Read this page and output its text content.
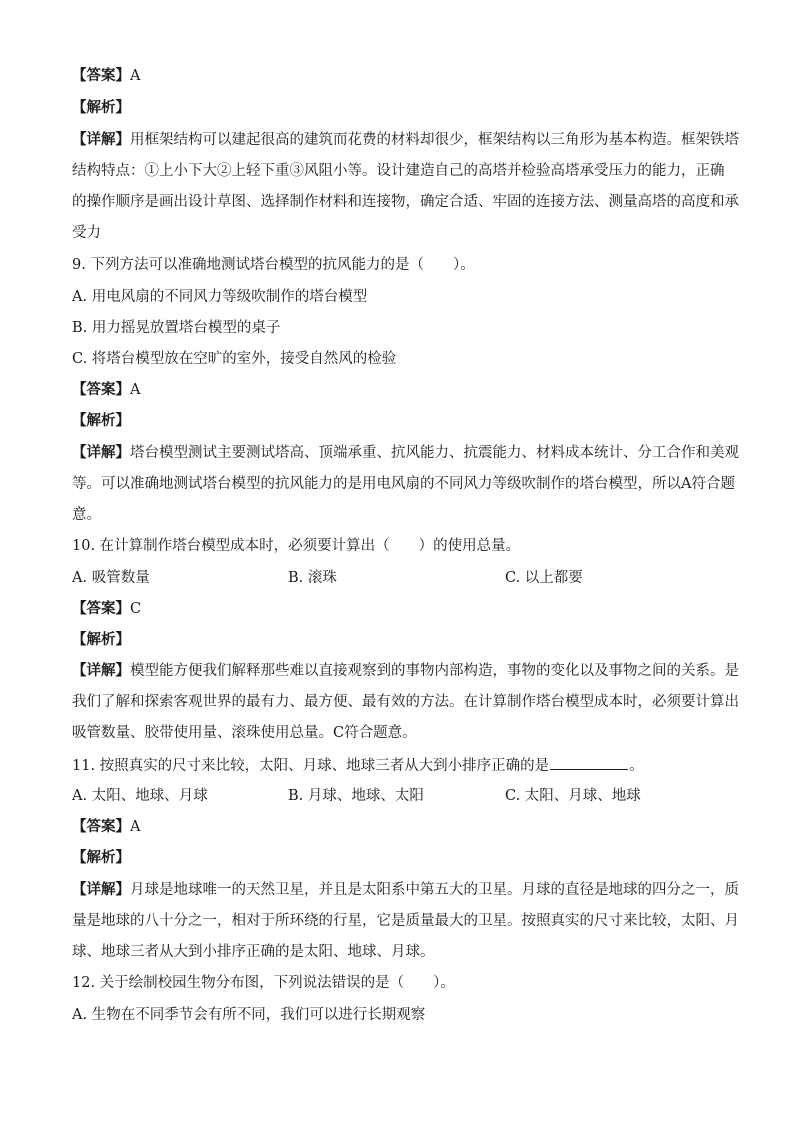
【答案】A
【解析】
【详解】用框架结构可以建起很高的建筑而花费的材料却很少，框架结构以三角形为基本构造。框架铁塔
结构特点：①上小下大②上轻下重③风阻小等。设计建造自己的高塔并检验高塔承受压力的能力，正确
的操作顺序是画出设计草图、选择制作材料和连接物，确定合适、牢固的连接方法、测量高塔的高度和承
受力
9. 下列方法可以准确地测试塔台模型的抗风能力的是（　　）。
A. 用电风扇的不同风力等级吹制作的塔台模型
B. 用力摇晃放置塔台模型的桌子
C. 将塔台模型放在空旷的室外，接受自然风的检验
【答案】A
【解析】
【详解】塔台模型测试主要测试塔高、顶端承重、抗风能力、抗震能力、材料成本统计、分工合作和美观
等。可以准确地测试塔台模型的抗风能力的是用电风扇的不同风力等级吹制作的塔台模型，所以A符合题
意。
10. 在计算制作塔台模型成本时，必须要计算出（　　）的使用总量。
A. 吸管数量	B. 滚珠	C. 以上都要
【答案】C
【解析】
【详解】模型能方便我们解释那些难以直接观察到的事物内部构造，事物的变化以及事物之间的关系。是
我们了解和探索客观世界的最有力、最方便、最有效的方法。在计算制作塔台模型成本时，必须要计算出
吸管数量、胶带使用量、滚珠使用总量。C符合题意。
11. 按照真实的尺寸来比较，太阳、月球、地球三者从大到小排序正确的是	。
A. 太阳、地球、月球	B. 月球、地球、太阳	C. 太阳、月球、地球
【答案】A
【解析】
【详解】月球是地球唯一的天然卫星，并且是太阳系中第五大的卫星。月球的直径是地球的四分之一，质
量是地球的八十分之一，相对于所环绕的行星，它是质量最大的卫星。按照真实的尺寸来比较，太阳、月
球、地球三者从大到小排序正确的是太阳、地球、月球。
12. 关于绘制校园生物分布图，下列说法错误的是（　　）。
A. 生物在不同季节会有所不同，我们可以进行长期观察
